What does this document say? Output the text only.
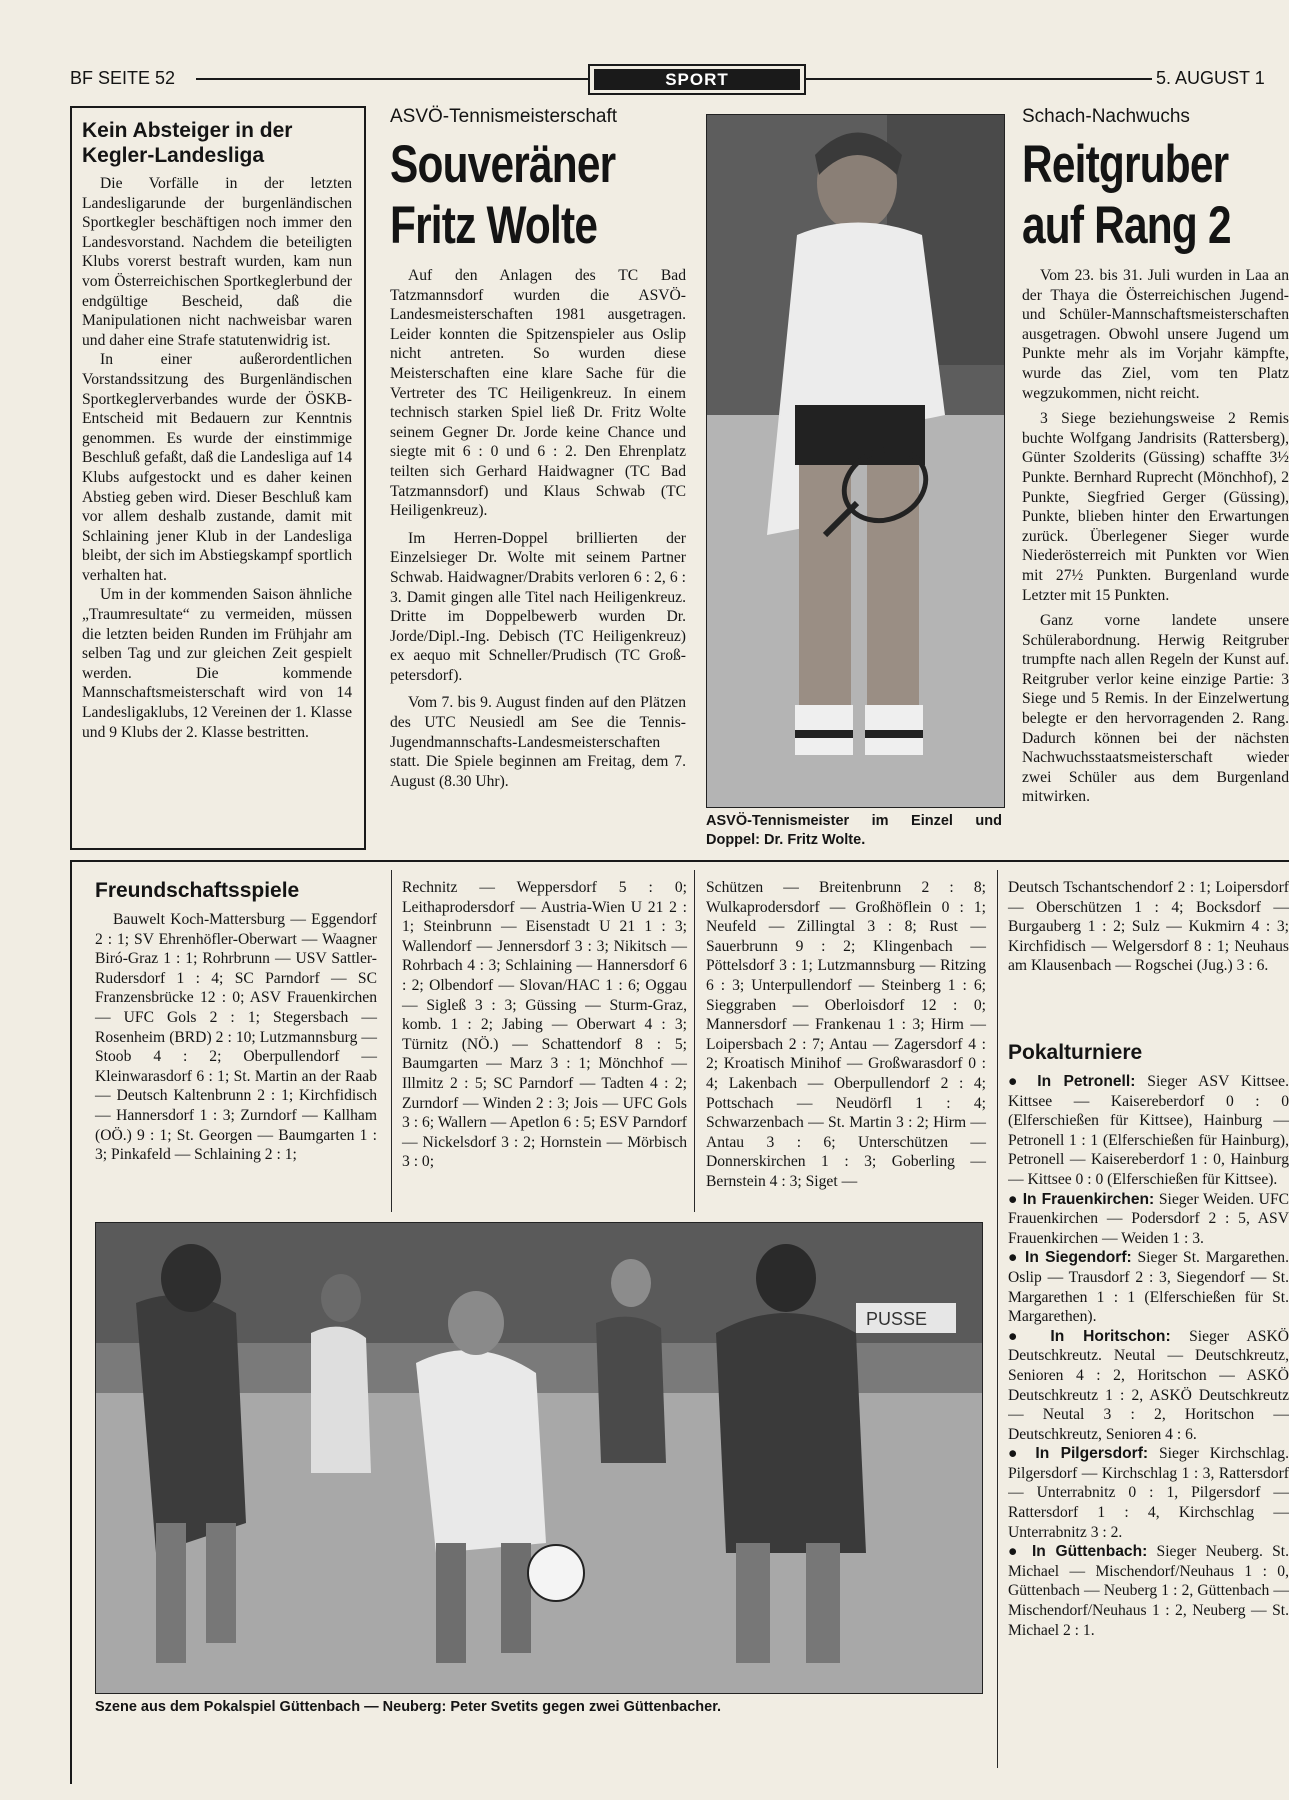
BF SEITE 52	SPORT	5. AUGUST 1
Kein Absteiger in der Kegler-Landesliga

Die Vorfälle in der letzten Landesligarunde der burgenländischen Sportkegler beschäftigen noch immer den Landesvorstand. Nachdem die beteiligten Klubs vorerst bestraft wurden, kam nun vom Österreichischen Sportkeglerbund der endgültige Bescheid, daß die Manipulationen nicht nachweisbar waren und daher eine Strafe statutenwidrig ist.

In einer außerordentlichen Vorstandssitzung des Burgenländischen Sportkeglerverbandes wurde der ÖSKB-Entscheid mit Bedauern zur Kenntnis genommen. Es wurde der einstimmige Beschluß gefaßt, daß die Landesliga auf 14 Klubs aufgestockt und es daher keinen Abstieg geben wird. Dieser Beschluß kam vor allem deshalb zustande, damit mit Schlaining jener Klub in der Landesliga bleibt, der sich im Abstiegskampf sportlich verhalten hat.

Um in der kommenden Saison ähnliche „Traumresultate“ zu vermeiden, müssen die letzten beiden Runden im Frühjahr am selben Tag und zur gleichen Zeit gespielt werden. Die kommende Mannschaftsmeisterschaft wird von 14 Landesligaklubs, 12 Vereinen der 1. Klasse und 9 Klubs der 2. Klasse bestritten.

ASVÖ-Tennismeisterschaft
Souveräner
Fritz Wolte

Auf den Anlagen des TC Bad Tatzmannsdorf wurden die ASVÖ-Landesmeisterschaften 1981 ausgetragen. Leider konnten die Spitzenspieler aus Oslip nicht antreten. So wurden diese Meisterschaften eine klare Sache für die Vertreter des TC Heiligenkreuz. In einem technisch starken Spiel ließ Dr. Fritz Wolte seinem Gegner Dr. Jorde keine Chance und siegte mit 6 : 0 und 6 : 2. Den Ehrenplatz teilten sich Gerhard Haidwagner (TC Bad Tatzmannsdorf) und Klaus Schwab (TC Heiligenkreuz).

Im Herren-Doppel brillierten der Einzelsieger Dr. Wolte mit seinem Partner Schwab. Haidwagner/Drabits verloren 6 : 2, 6 : 3. Damit gingen alle Titel nach Heiligenkreuz. Dritte im Doppelbewerb wurden Dr. Jorde/Dipl.-Ing. Debisch (TC Heiligenkreuz) ex aequo mit Schneller/Prudisch (TC Groß-petersdorf).

Vom 7. bis 9. August finden auf den Plätzen des UTC Neusiedl am See die Tennis-Jugendmannschafts-Landesmeisterschaften statt. Die Spiele beginnen am Freitag, dem 7. August (8.30 Uhr).

ASVÖ-Tennismeister im Einzel und Doppel: Dr. Fritz Wolte.
Schach-Nachwuchs
Reitgruber
auf Rang 2

Vom 23. bis 31. Juli wurden in Laa an der Thaya die Österreichischen Jugend- und Schüler-Mannschaftsmeisterschaften ausgetragen. Obwohl unsere Jugend um Punkte mehr als im Vorjahr kämpfte, wurde das Ziel, vom ten Platz wegzukommen, nicht reicht.

3 Siege beziehungsweise 2 Remis buchte Wolfgang Jandrisits (Rattersberg), Günter Szolderits (Güssing) schaffte 3½ Punkte. Bernhard Ruprecht (Mönchhof), 2 Punkte, Siegfried Gerger (Güssing), Punkte, blieben hinter den Erwartungen zurück. Überlegener Sieger wurde Niederösterreich mit Punkten vor Wien mit 27½ Punkten. Burgenland wurde Letzter mit 15 Punkten.

Ganz vorne landete unsere Schülerabordnung. Herwig Reitgruber trumpfte nach allen Regeln der Kunst auf. Reitgruber verlor keine einzige Partie: 3 Siege und 5 Remis. In der Einzelwertung belegte er den hervorragenden 2. Rang. Dadurch können bei der nächsten Nachwuchsstaatsmeisterschaft wieder zwei Schüler aus dem Burgenland mitwirken.

Freundschaftsspiele

Bauwelt Koch-Mattersburg — Eggendorf 2 : 1; SV Ehrenhöfler-Oberwart — Waagner Biró-Graz 1 : 1; Rohrbrunn — USV Sattler-Rudersdorf 1 : 4; SC Parndorf — SC Franzensbrücke 12 : 0; ASV Frauenkirchen — UFC Gols 2 : 1; Stegersbach — Rosenheim (BRD) 2 : 10; Lutzmannsburg — Stoob 4 : 2; Oberpullendorf — Kleinwarasdorf 6 : 1; St. Martin an der Raab — Deutsch Kaltenbrunn 2 : 1; Kirchfidisch — Hannersdorf 1 : 3; Zurndorf — Kallham (OÖ.) 9 : 1; St. Georgen — Baumgarten 1 : 3; Pinkafeld — Schlaining 2 : 1;

Rechnitz — Weppersdorf 5 : 0; Leithaprodersdorf — Austria-Wien U 21 2 : 1; Steinbrunn — Eisenstadt U 21 1 : 3; Wallendorf — Jennersdorf 3 : 3; Nikitsch — Rohrbach 4 : 3; Schlaining — Hannersdorf 6 : 2; Olbendorf — Slovan/HAC 1 : 6; Oggau — Sigleß 3 : 3; Güssing — Sturm-Graz, komb. 1 : 2; Jabing — Oberwart 4 : 3; Türnitz (NÖ.) — Schattendorf 8 : 5; Baumgarten — Marz 3 : 1; Mönchhof — Illmitz 2 : 5; SC Parndorf — Tadten 4 : 2; Zurndorf — Winden 2 : 3; Jois — UFC Gols 3 : 6; Wallern — Apetlon 6 : 5; ESV Parndorf — Nickelsdorf 3 : 2; Hornstein — Mörbisch 3 : 0;

Schützen — Breitenbrunn 2 : 8; Wulkaprodersdorf — Großhöflein 0 : 1; Neufeld — Zillingtal 3 : 8; Rust — Sauerbrunn 9 : 2; Klingenbach — Pöttelsdorf 3 : 1; Lutzmannsburg — Ritzing 6 : 3; Unterpullendorf — Steinberg 1 : 6; Sieggraben — Oberloisdorf 12 : 0; Mannersdorf — Frankenau 1 : 3; Hirm — Loipersbach 2 : 7; Antau — Zagersdorf 4 : 2; Kroatisch Minihof — Großwarasdorf 0 : 4; Lakenbach — Oberpullendorf 2 : 4; Pottschach — Neudörfl 1 : 4; Schwarzenbach — St. Martin 3 : 2; Hirm — Antau 3 : 6; Unterschützen — Donnerskirchen 1 : 3; Goberling — Bernstein 4 : 3; Siget —

Deutsch Tschantschendorf 2 : 1; Loipersdorf — Oberschützen 1 : 4; Bocksdorf — Burgauberg 1 : 2; Sulz — Kukmirn 4 : 3; Kirchfidisch — Welgersdorf 8 : 1; Neuhaus am Klausenbach — Rogschei (Jug.) 3 : 6.

Pokalturniere

● In Petronell: Sieger ASV Kittsee. Kittsee — Kaisereberdorf 0 : 0 (Elferschießen für Kittsee), Hainburg — Petronell 1 : 1 (Elferschießen für Hainburg), Petronell — Kaisereberdorf 1 : 0, Hainburg — Kittsee 0 : 0 (Elferschießen für Kittsee).

● In Frauenkirchen: Sieger Weiden. UFC Frauenkirchen — Podersdorf 2 : 5, ASV Frauenkirchen — Weiden 1 : 3.

● In Siegendorf: Sieger St. Margarethen. Oslip — Trausdorf 2 : 3, Siegendorf — St. Margarethen 1 : 1 (Elferschießen für St. Margarethen).

● In Horitschon: Sieger ASKÖ Deutschkreutz. Neutal — Deutschkreutz, Senioren 4 : 2, Horitschon — ASKÖ Deutschkreutz 1 : 2, ASKÖ Deutschkreutz — Neutal 3 : 2, Horitschon — Deutschkreutz, Senioren 4 : 6.

● In Pilgersdorf: Sieger Kirchschlag. Pilgersdorf — Kirchschlag 1 : 3, Rattersdorf — Unterrabnitz 0 : 1, Pilgersdorf — Rattersdorf 1 : 4, Kirchschlag — Unterrabnitz 3 : 2.

● In Güttenbach: Sieger Neuberg. St. Michael — Mischendorf/Neuhaus 1 : 0, Güttenbach — Neuberg 1 : 2, Güttenbach — Mischendorf/Neuhaus 1 : 2, Neuberg — St. Michael 2 : 1.

PUSSE
Szene aus dem Pokalspiel Güttenbach — Neuberg: Peter Svetits gegen zwei Güttenbacher.
